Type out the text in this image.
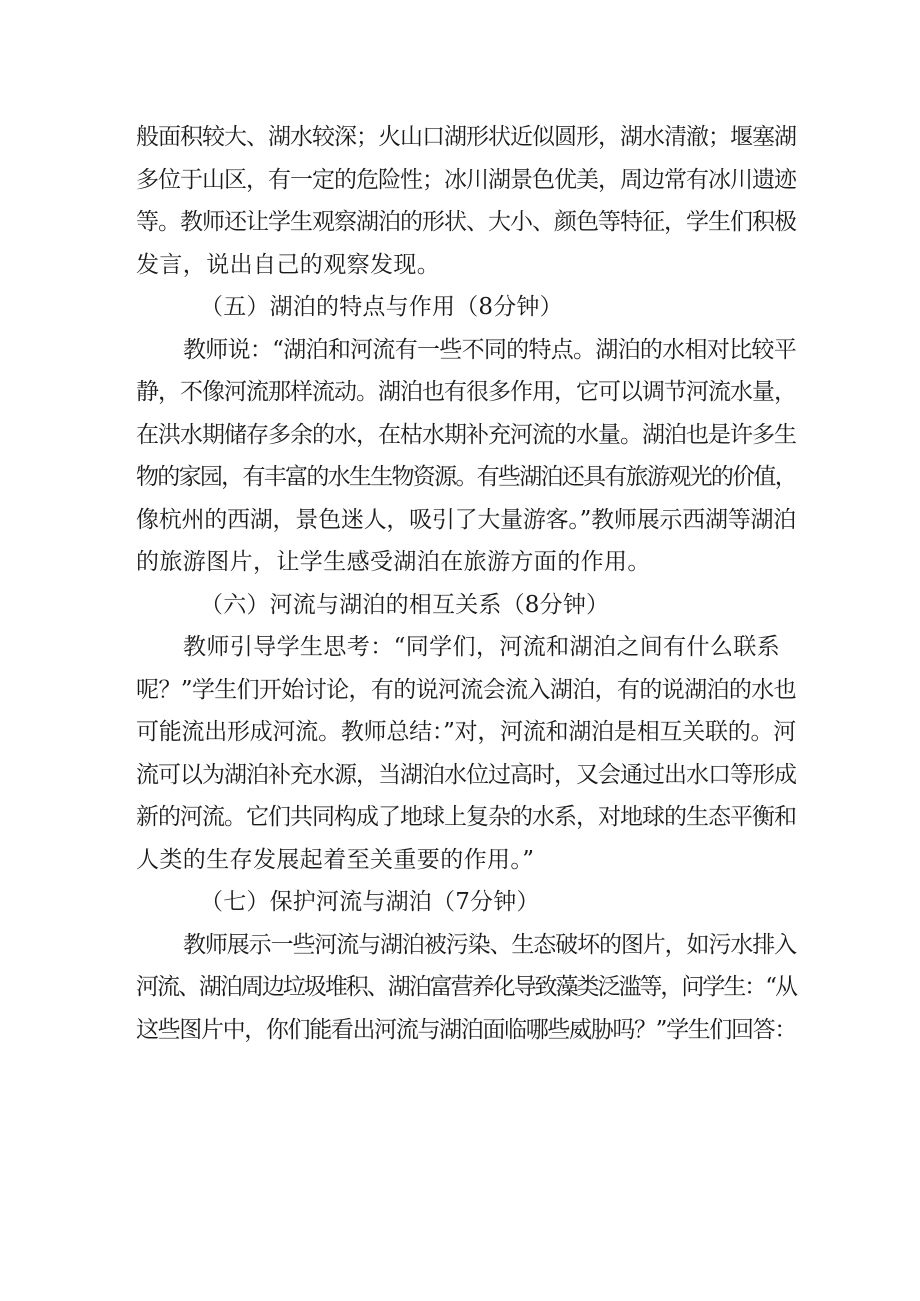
般面积较大、湖水较深；火山口湖形状近似圆形，湖水清澈；堰塞湖
多位于山区，有一定的危险性；冰川湖景色优美，周边常有冰川遗迹
等。教师还让学生观察湖泊的形状、大小、颜色等特征，学生们积极
发言，说出自己的观察发现。
（五）湖泊的特点与作用（8分钟）
教师说：“湖泊和河流有一些不同的特点。湖泊的水相对比较平
静，不像河流那样流动。湖泊也有很多作用，它可以调节河流水量，
在洪水期储存多余的水，在枯水期补充河流的水量。湖泊也是许多生
物的家园，有丰富的水生生物资源。有些湖泊还具有旅游观光的价值，
像杭州的西湖，景色迷人，吸引了大量游客。”教师展示西湖等湖泊
的旅游图片，让学生感受湖泊在旅游方面的作用。
（六）河流与湖泊的相互关系（8分钟）
教师引导学生思考：“同学们，河流和湖泊之间有什么联系
呢？”学生们开始讨论，有的说河流会流入湖泊，有的说湖泊的水也
可能流出形成河流。教师总结：”对，河流和湖泊是相互关联的。河
流可以为湖泊补充水源，当湖泊水位过高时，又会通过出水口等形成
新的河流。它们共同构成了地球上复杂的水系，对地球的生态平衡和
人类的生存发展起着至关重要的作用。”
（七）保护河流与湖泊（7分钟）
教师展示一些河流与湖泊被污染、生态破坏的图片，如污水排入
河流、湖泊周边垃圾堆积、湖泊富营养化导致藻类泛滥等，问学生：“从
这些图片中，你们能看出河流与湖泊面临哪些威胁吗？”学生们回答：
